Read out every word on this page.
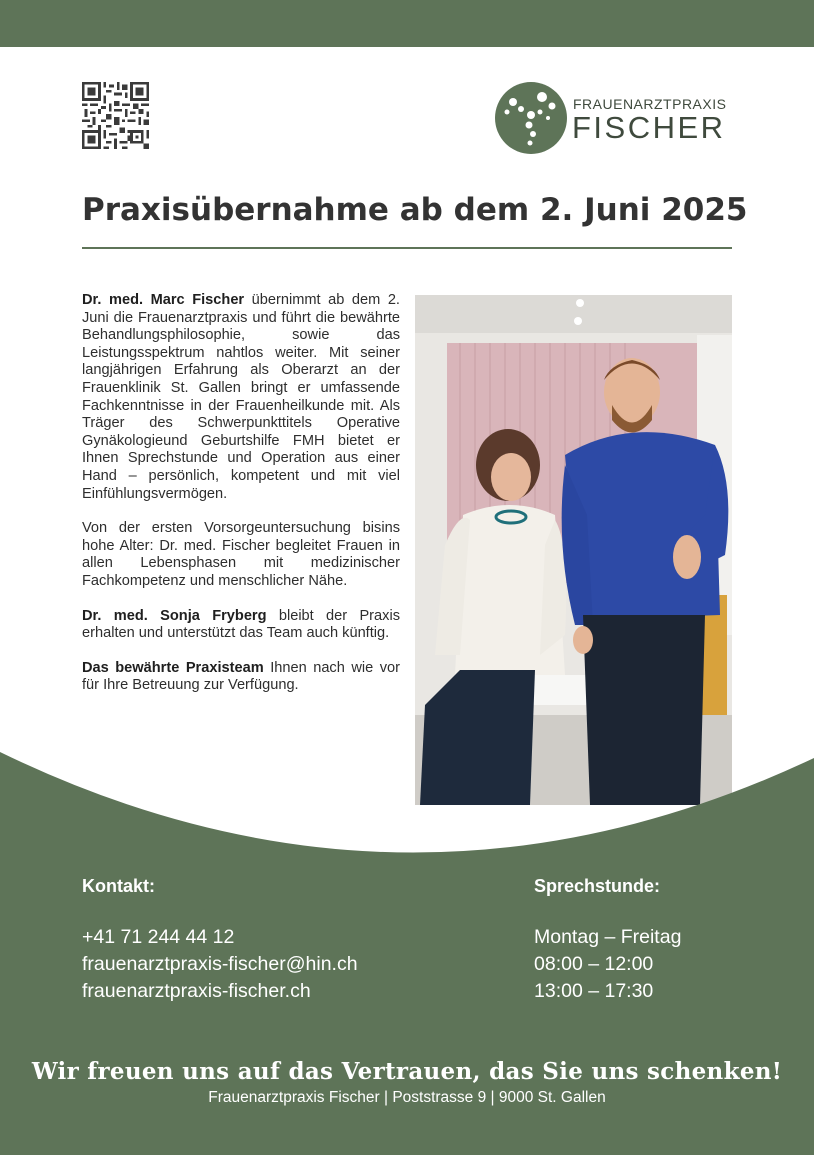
FRAUENARZTPRAXIS
FISCHER
Praxisübernahme ab dem 2. Juni 2025

Dr. med. Marc Fischer übernimmt ab dem 2. Juni die Frauenarztpraxis und führt die bewährte Behandlungsphilosophie, sowie das Leistungsspektrum nahtlos weiter. Mit seiner langjährigen Erfahrung als Oberarzt an der Frauenklinik St. Gallen bringt er umfassende Fachkenntnisse in der Frauenheilkunde mit. Als Träger des Schwerpunkttitels Operative Gynäkologieund Geburtshilfe FMH bietet er Ihnen Sprechstunde und Operation aus einer Hand – persönlich, kompetent und mit viel Einfühlungsvermögen.

Von der ersten Vorsorgeuntersuchung bisins hohe Alter: Dr. med. Fischer begleitet Frauen in allen Lebensphasen mit medizinischer Fachkompetenz und menschlicher Nähe.

Dr. med. Sonja Fryberg bleibt der Praxis erhalten und unterstützt das Team auch künftig.

Das bewährte Praxisteam Ihnen nach wie vor für Ihre Betreuung zur Verfügung.

Kontakt:
+41 71 244 44 12
frauenarztpraxis-fischer@hin.ch
frauenarztpraxis-fischer.ch
Sprechstunde:
Montag – Freitag
08:00 – 12:00
13:00 – 17:30
Wir freuen uns auf das Vertrauen, das Sie uns schenken!
Frauenarztpraxis Fischer | Poststrasse 9 | 9000 St. Gallen
